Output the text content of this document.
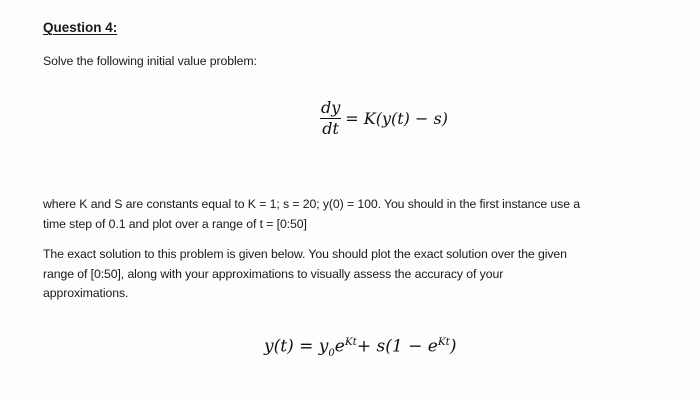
Question 4:
Solve the following initial value problem:
$\frac{dy}{dt} = K(y(t) - s)$
where K and S are constants equal to K = 1; s = 20; y(0) = 100. You should in the first instance use a
time step of 0.1 and plot over a range of t = [0:50]
The exact solution to this problem is given below. You should plot the exact solution over the given
range of [0:50], along with your approximations to visually assess the accuracy of your
approximations.
$y(t) = y_0e^{Kt}+ s(1 - e^{Kt})$
